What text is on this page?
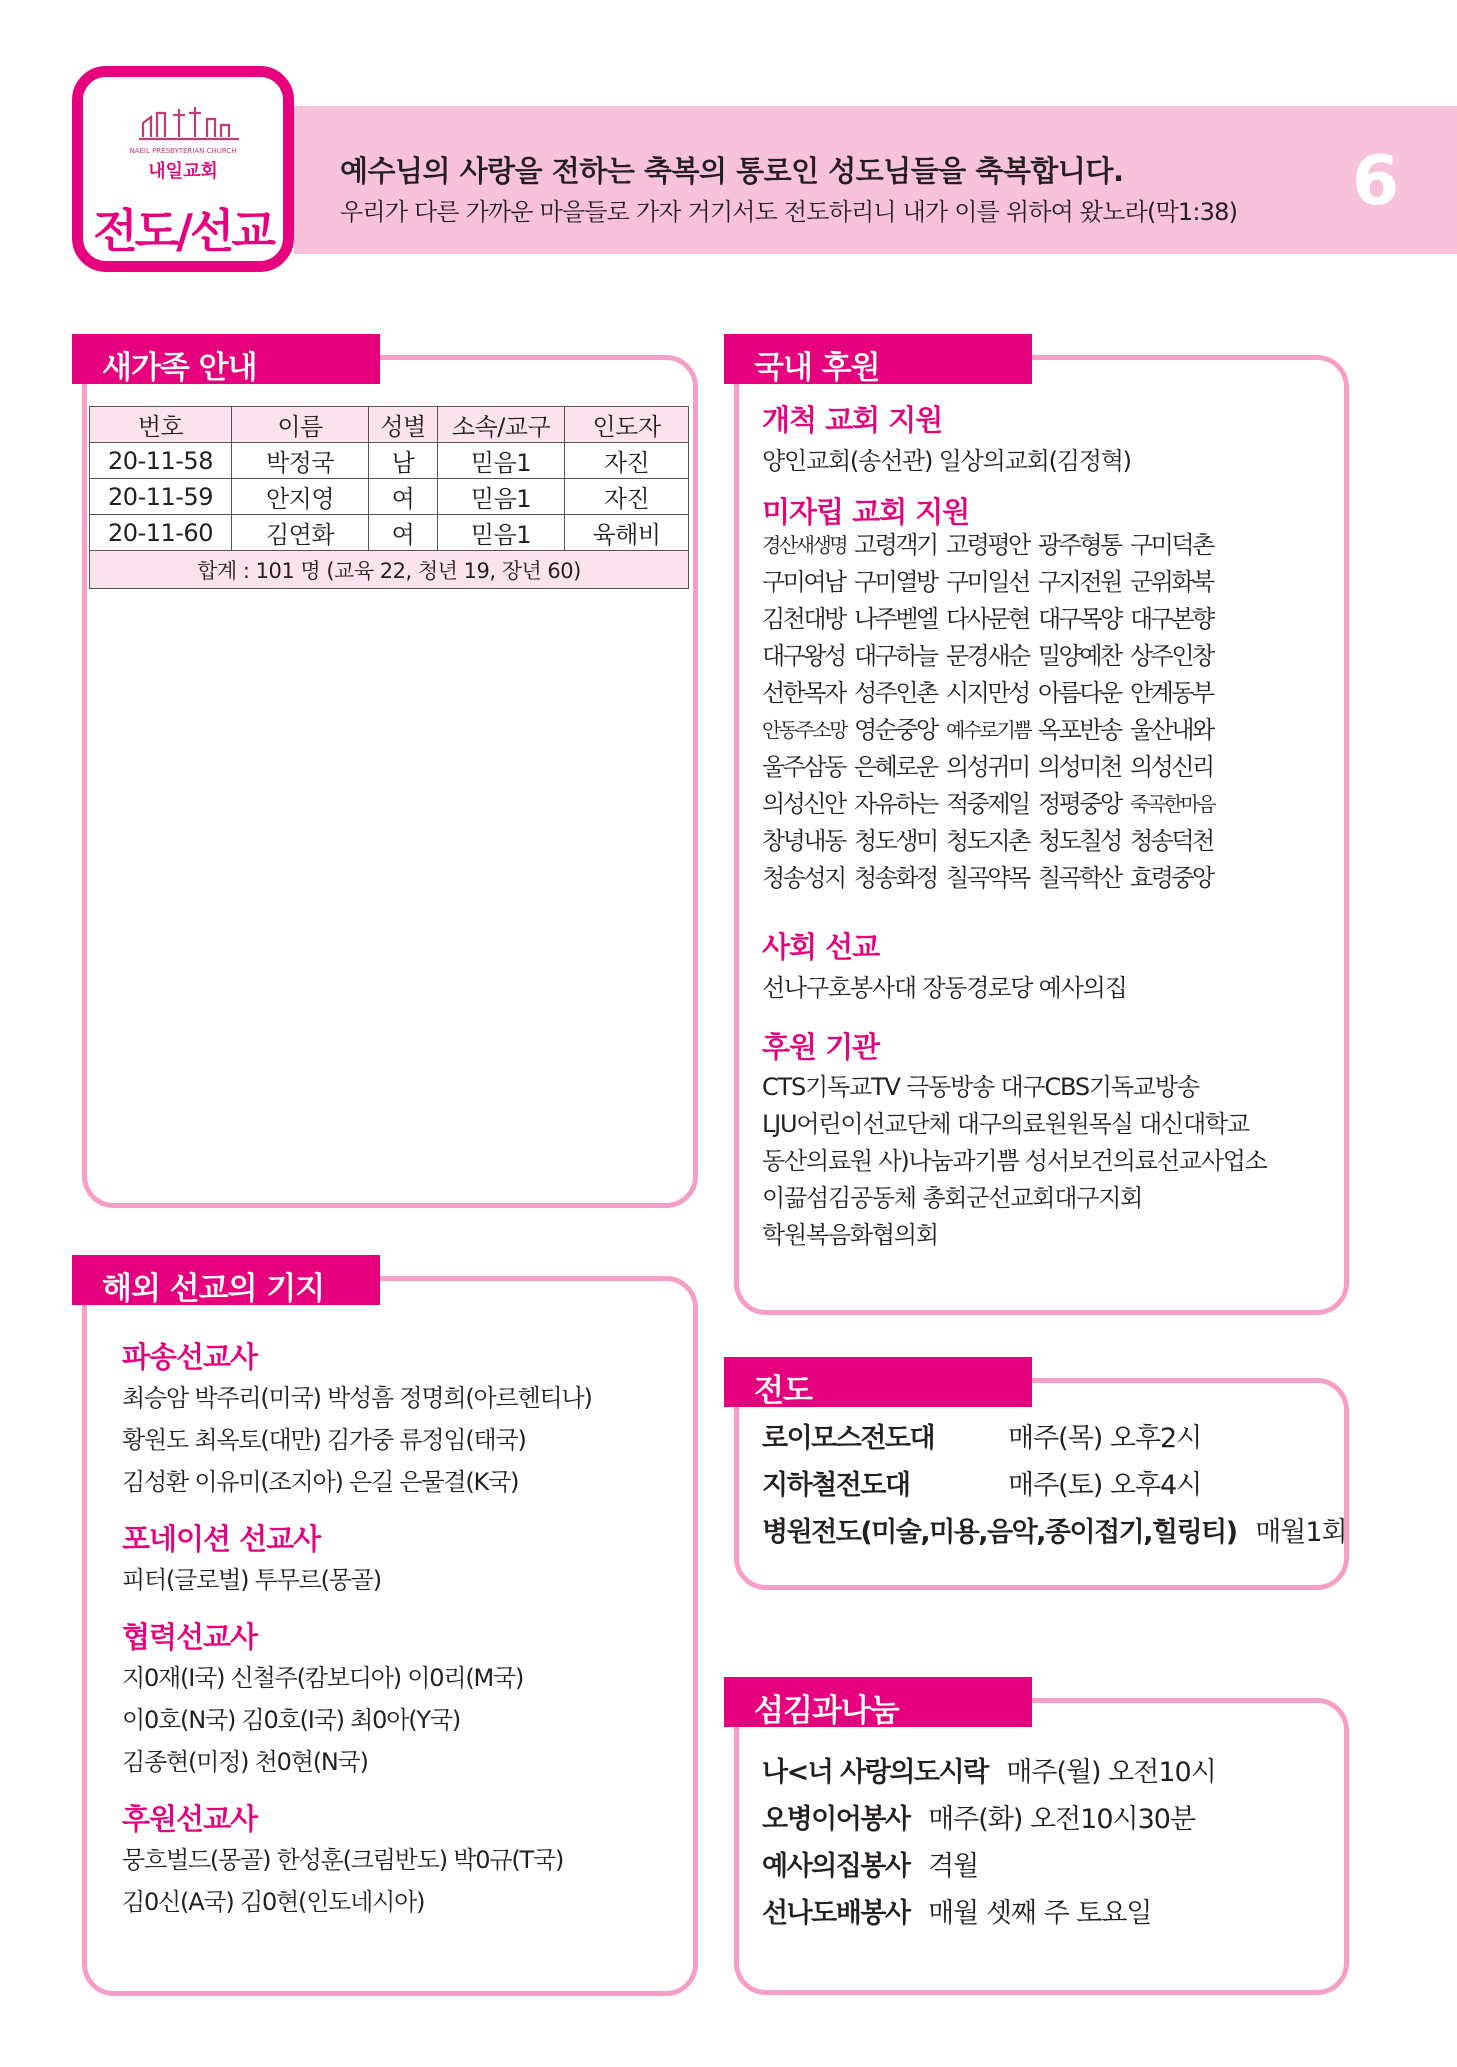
예수님의 사랑을 전하는 축복의 통로인 성도님들을 축복합니다.
우리가 다른 가까운 마을들로 가자 거기서도 전도하리니 내가 이를 위하여 왔노라(막1:38) 6
NAEIL PRESBYTERIAN CHURCH
내일교회
전도/선교
새가족 안내
번호	이름	성별	소속/교구	인도자
20-11-58	박정국	남	믿음1	자진
20-11-59	안지영	여	믿음1	자진
20-11-60	김연화	여	믿음1	육해비
합계 : 101 명 (교육 22, 청년 19, 장년 60)				
해외 선교의 기지
파송선교사
최승암 박주리(미국) 박성흠 정명희(아르헨티나)
황원도 최옥토(대만) 김가중 류정임(태국)
김성환 이유미(조지아) 은길 은물결(K국)
포네이션 선교사
피터(글로벌) 투무르(몽골)
협력선교사
지0재(I국) 신철주(캄보디아) 이0리(M국)
이0호(N국) 김0호(I국) 최0아(Y국)
김종현(미정) 천0현(N국)
후원선교사
뭉흐벌드(몽골) 한성훈(크림반도) 박0규(T국)
김0신(A국) 김0현(인도네시아)
국내 후원
개척 교회 지원
양인교회(송선관) 일상의교회(김정혁)
미자립 교회 지원
경산새생명 고령객기 고령평안 광주형통 구미덕촌
구미여남 구미열방 구미일선 구지전원 군위화북
김천대방 나주벧엘 다사문현 대구목양 대구본향
대구왕성 대구하늘 문경새순 밀양예찬 상주인창
선한목자 성주인촌 시지만성 아름다운 안계동부
안동주소망 영순중앙 예수로기쁨 옥포반송 울산내와
울주삼동 은혜로운 의성귀미 의성미천 의성신리
의성신안 자유하는 적중제일 정평중앙 죽곡한마음
창녕내동 청도생미 청도지촌 청도칠성 청송덕천
청송성지 청송화정 칠곡약목 칠곡학산 효령중앙
사회 선교
선나구호봉사대 장동경로당 예사의집
후원 기관
CTS기독교TV 극동방송 대구CBS기독교방송
LJU어린이선교단체 대구의료원원목실 대신대학교
동산의료원 사)나눔과기쁨 성서보건의료선교사업소
이끎섬김공동체 총회군선교회대구지회
학원복음화협의회
전도
로이모스전도대	매주(목) 오후2시
지하철전도대	매주(토) 오후4시
병원전도(미술,미용,음악,종이접기,힐링티) 매월1회
섬김과나눔
나<너 사랑의도시락 매주(월) 오전10시
오병이어봉사 매주(화) 오전10시30분
예사의집봉사 격월
선나도배봉사 매월 셋째 주 토요일
